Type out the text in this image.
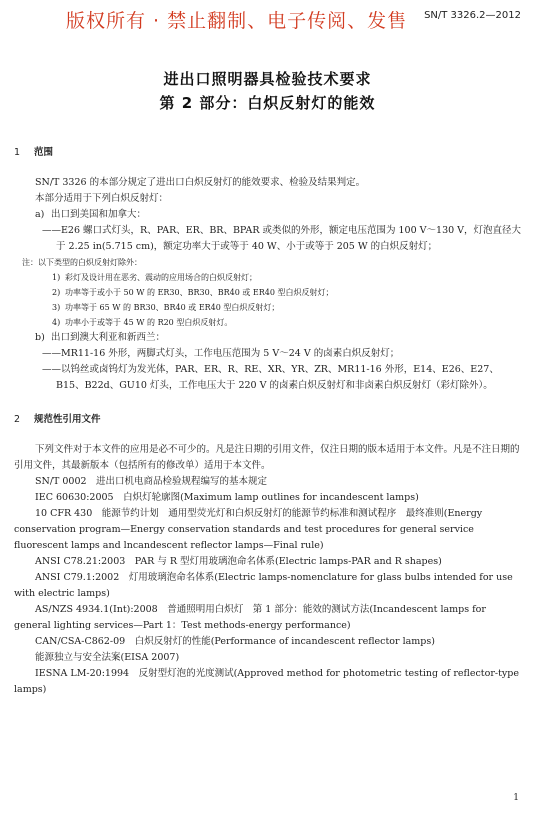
版权所有 · 禁止翻制、电子传阅、发售 SN/T 3326.2—2012
进出口照明器具检验技术要求
第 2 部分：白炽反射灯的能效

1 范围

SN/T 3326 的本部分规定了进出口白炽反射灯的能效要求、检验及结果判定。

本部分适用于下列白炽反射灯：

a) 出口到美国和加拿大：

——E26 螺口式灯头，R、PAR、ER、BR、BPAR 或类似的外形，额定电压范围为 100 V～130 V，灯泡直径大于 2.25 in(5.715 cm)，额定功率大于或等于 40 W、小于或等于 205 W 的白炽反射灯；

注：以下类型的白炽反射灯除外：

1) 彩灯及设计用在恶劣、震动的应用场合的白炽反射灯；

2) 功率等于或小于 50 W 的 ER30、BR30、BR40 或 ER40 型白炽反射灯；

3) 功率等于 65 W 的 BR30、BR40 或 ER40 型白炽反射灯；

4) 功率小于或等于 45 W 的 R20 型白炽反射灯。

b) 出口到澳大利亚和新西兰：

——MR11-16 外形，两脚式灯头，工作电压范围为 5 V～24 V 的卤素白炽反射灯；

——以钨丝或卤钨灯为发光体，PAR、ER、R、RE、XR、YR、ZR、MR11-16 外形，E14、E26、E27、B15、B22d、GU10 灯头，工作电压大于 220 V 的卤素白炽反射灯和非卤素白炽反射灯（彩灯除外）。

2 规范性引用文件

下列文件对于本文件的应用是必不可少的。凡是注日期的引用文件，仅注日期的版本适用于本文件。凡是不注日期的引用文件，其最新版本（包括所有的修改单）适用于本文件。

SN/T 0002　进出口机电商品检验规程编写的基本规定

IEC 60630:2005　白炽灯轮廓图(Maximum lamp outlines for incandescent lamps)

10 CFR 430　能源节约计划　通用型荧光灯和白炽反射灯的能源节约标准和测试程序　最终准则(Energy conservation program—Energy conservation standards and test procedures for general service fluorescent lamps and lncandescent reflector lamps—Final rule)

ANSI C78.21:2003　PAR 与 R 型灯用玻璃泡命名体系(Electric lamps-PAR and R shapes)

ANSI C79.1:2002　灯用玻璃泡命名体系(Electric lamps-nomenclature for glass bulbs intended for use with electric lamps)

AS/NZS 4934.1(Int):2008　普通照明用白炽灯　第 1 部分：能效的测试方法(Incandescent lamps for general lighting services—Part 1：Test methods-energy performance)

CAN/CSA-C862-09　白炽反射灯的性能(Performance of incandescent reflector lamps)

能源独立与安全法案(EISA 2007)

IESNA LM-20:1994　反射型灯泡的光度测试(Approved method for photometric testing of reflector-type lamps)

1
